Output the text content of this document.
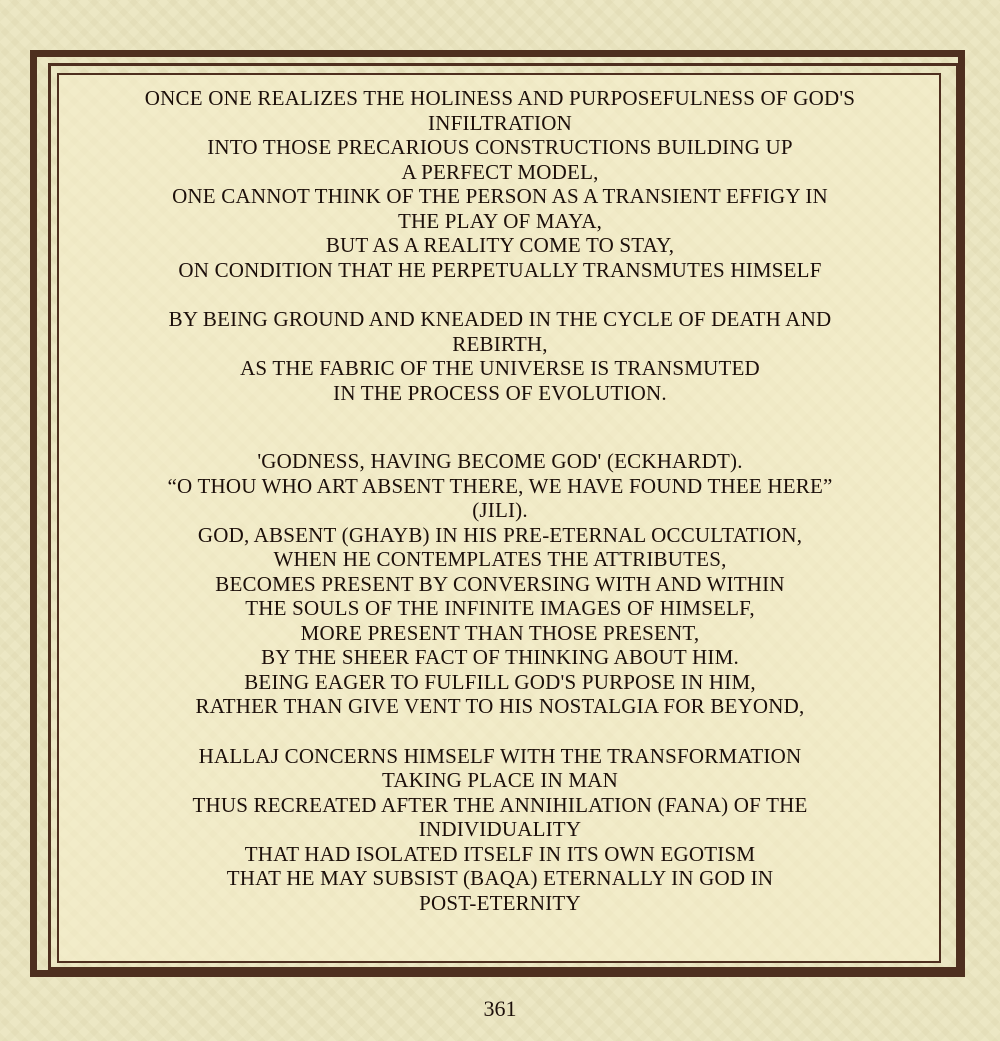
ONCE ONE REALIZES THE HOLINESS AND PURPOSEFULNESS OF GOD'S
INFILTRATION
INTO THOSE PRECARIOUS CONSTRUCTIONS BUILDING UP
A PERFECT MODEL,
ONE CANNOT THINK OF THE PERSON AS A TRANSIENT EFFIGY IN
THE PLAY OF MAYA,
BUT AS A REALITY COME TO STAY,
ON CONDITION THAT HE PERPETUALLY TRANSMUTES HIMSELF
BY BEING GROUND AND KNEADED IN THE CYCLE OF DEATH AND
REBIRTH,
AS THE FABRIC OF THE UNIVERSE IS TRANSMUTED
IN THE PROCESS OF EVOLUTION.
'GODNESS, HAVING BECOME GOD' (ECKHARDT).
“O THOU WHO ART ABSENT THERE, WE HAVE FOUND THEE HERE”
(JILI).
GOD, ABSENT (GHAYB) IN HIS PRE-ETERNAL OCCULTATION,
WHEN HE CONTEMPLATES THE ATTRIBUTES,
BECOMES PRESENT BY CONVERSING WITH AND WITHIN
THE SOULS OF THE INFINITE IMAGES OF HIMSELF,
MORE PRESENT THAN THOSE PRESENT,
BY THE SHEER FACT OF THINKING ABOUT HIM.
BEING EAGER TO FULFILL GOD'S PURPOSE IN HIM,
RATHER THAN GIVE VENT TO HIS NOSTALGIA FOR BEYOND,
HALLAJ CONCERNS HIMSELF WITH THE TRANSFORMATION
TAKING PLACE IN MAN
THUS RECREATED AFTER THE ANNIHILATION (FANA) OF THE
INDIVIDUALITY
THAT HAD ISOLATED ITSELF IN ITS OWN EGOTISM
THAT HE MAY SUBSIST (BAQA) ETERNALLY IN GOD IN
POST-ETERNITY
361
